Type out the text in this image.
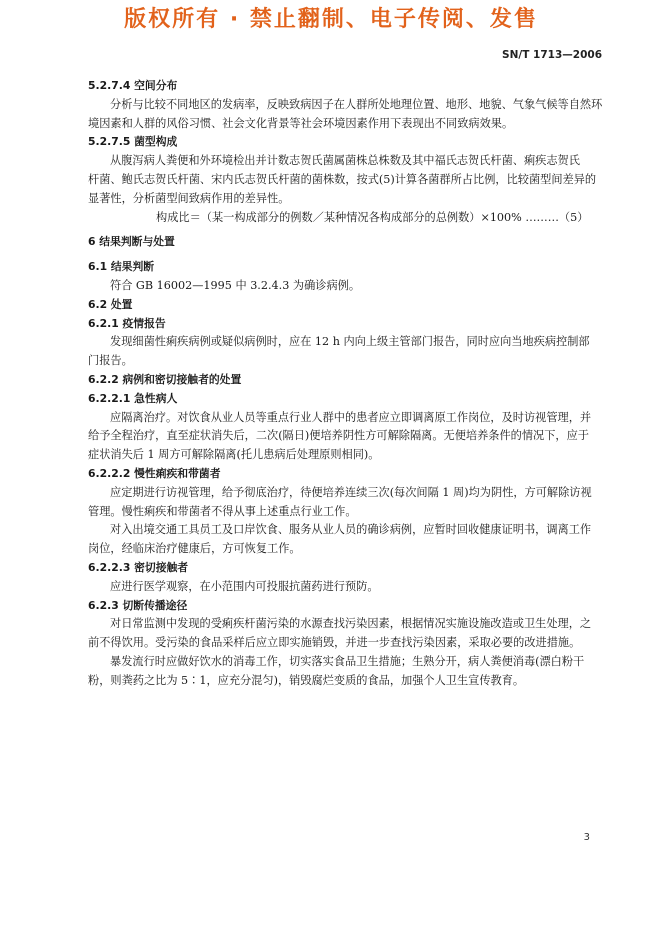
版权所有 · 禁止翻制、电子传阅、发售
SN/T 1713—2006
5.2.7.4 空间分布
分析与比较不同地区的发病率，反映致病因子在人群所处地理位置、地形、地貌、气象气候等自然环
境因素和人群的风俗习惯、社会文化背景等社会环境因素作用下表现出不同致病效果。
5.2.7.5 菌型构成
从腹泻病人粪便和外环境检出并计数志贺氏菌属菌株总株数及其中福氏志贺氏杆菌、痢疾志贺氏
杆菌、鲍氏志贺氏杆菌、宋内氏志贺氏杆菌的菌株数，按式(5)计算各菌群所占比例，比较菌型间差异的
显著性，分析菌型间致病作用的差异性。
构成比＝（某一构成部分的例数／某种情况各构成部分的总例数）×100% ………（5）
6 结果判断与处置
6.1 结果判断
符合 GB 16002—1995 中 3.2.4.3 为确诊病例。
6.2 处置
6.2.1 疫情报告
发现细菌性痢疾病例或疑似病例时，应在 12 h 内向上级主管部门报告，同时应向当地疾病控制部
门报告。
6.2.2 病例和密切接触者的处置
6.2.2.1 急性病人
应隔离治疗。对饮食从业人员等重点行业人群中的患者应立即调离原工作岗位，及时访视管理，并
给予全程治疗，直至症状消失后，二次(隔日)便培养阴性方可解除隔离。无便培养条件的情况下，应于
症状消失后 1 周方可解除隔离(托儿患病后处理原则相同)。
6.2.2.2 慢性痢疾和带菌者
应定期进行访视管理，给予彻底治疗，待便培养连续三次(每次间隔 1 周)均为阴性，方可解除访视
管理。慢性痢疾和带菌者不得从事上述重点行业工作。
对入出境交通工具员工及口岸饮食、服务从业人员的确诊病例，应暂时回收健康证明书，调离工作
岗位，经临床治疗健康后，方可恢复工作。
6.2.2.3 密切接触者
应进行医学观察，在小范围内可投服抗菌药进行预防。
6.2.3 切断传播途径
对日常监测中发现的受痢疾杆菌污染的水源查找污染因素，根据情况实施设施改造或卫生处理，之
前不得饮用。受污染的食品采样后应立即实施销毁，并进一步查找污染因素，采取必要的改进措施。
暴发流行时应做好饮水的消毒工作，切实落实食品卫生措施；生熟分开，病人粪便消毒(漂白粉干
粉，则粪药之比为 5∶1，应充分混匀)，销毁腐烂变质的食品，加强个人卫生宣传教育。
3
